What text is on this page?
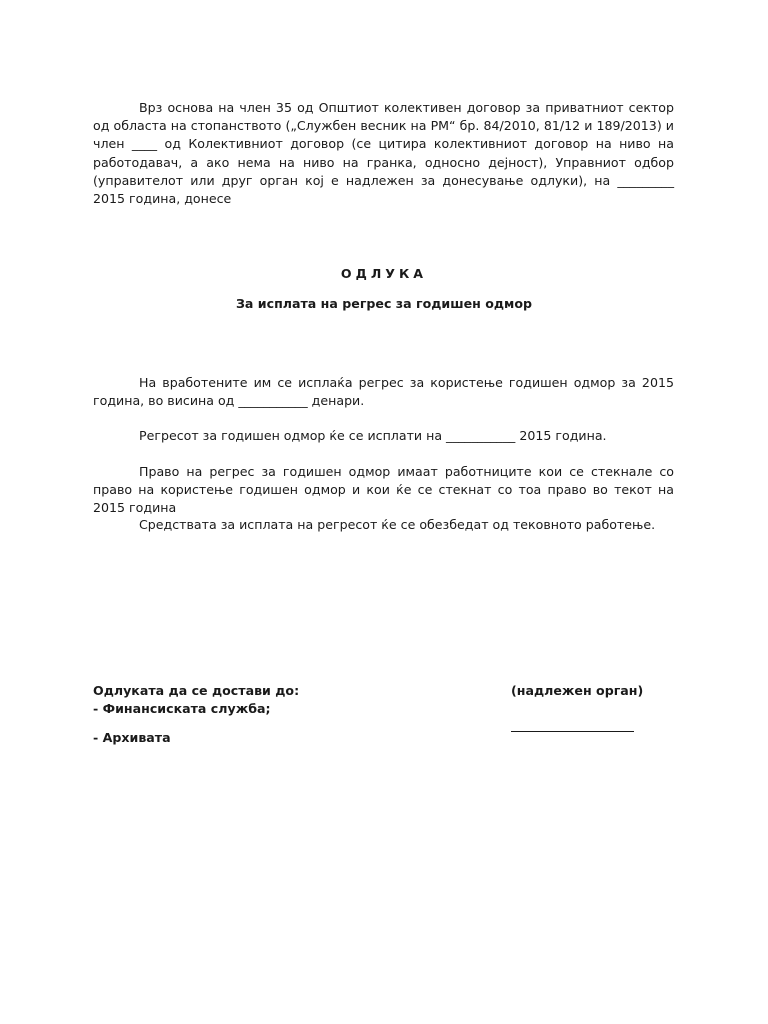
Врз основа на член 35 од Општиот колективен договор за приватниот сектор од областа на стопанството („Службен весник на РМ“ бр. 84/2010, 81/12 и 189/2013) и член ____ од Колективниот договор (се цитира колективниот договор на ниво на работодавач, а ако нема на ниво на гранка, односно дејност), Управниот одбор (управителот или друг орган кој е надлежен за донесување одлуки), на _________ 2015 година, донесе

ОДЛУКА

За исплата на регрес за годишен одмор

На вработените им се исплаќа регрес за користење годишен одмор за 2015 година, во висина од ___________ денари.

Регресот за годишен одмор ќе се исплати на ___________ 2015 година.

Право на регрес за годишен одмор имаат работниците кои се стекнале со право на користење годишен одмор и кои ќе се стекнат со тоа право во текот на 2015 година

Средствата за исплата на регресот ќе се обезбедат од тековното работење.

Одлуката да се достави до:
- Финансиската служба;
- Архивата
(надлежен орган)
